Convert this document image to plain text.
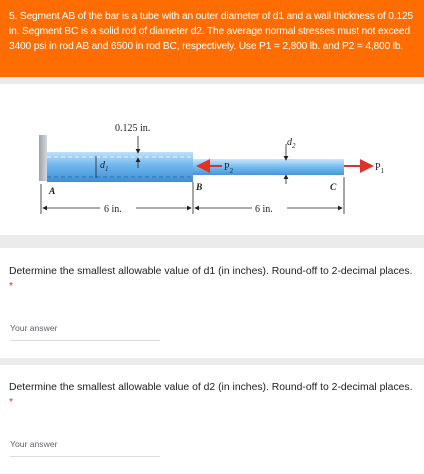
5. Segment AB of the bar is a tube with an outer diameter of d1 and a wall thickness of 0.125 in. Segment BC is a solid rod of diameter d2. The average normal stresses must not exceed 3400 psi in rod AB and 6500 in rod BC, respectively. Use P1 = 2,800 lb. and P2 = 4,800 lb.
0.125 in.
$d_1$
$d_2$
$P_2$	$P_1$
A	B	C
6 in.	6 in.
Determine the smallest allowable value of d1 (in inches). Round-off to 2-decimal places. *
Your answer
Determine the smallest allowable value of d2 (in inches). Round-off to 2-decimal places. *
Your answer
